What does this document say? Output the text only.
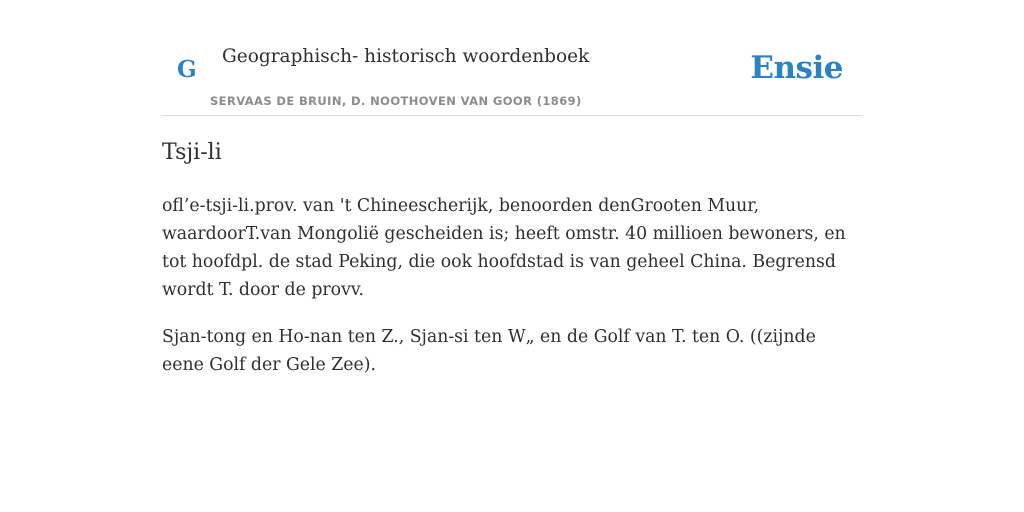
G Geographisch- historisch woordenboek
SERVAAS DE BRUIN, D. NOOTHOVEN VAN GOOR (1869)
Ensie
Tsji-li

ofl’e-tsji-li.prov. van 't Chineescherijk, benoorden denGrooten Muur, waardoorT.van Mongolië gescheiden is; heeft omstr. 40 millioen bewoners, en tot hoofdpl. de stad Peking, die ook hoofdstad is van geheel China. Begrensd wordt T. door de provv.

Sjan-tong en Ho-nan ten Z., Sjan-si ten W„ en de Golf van T. ten O. ((zijnde eene Golf der Gele Zee).
